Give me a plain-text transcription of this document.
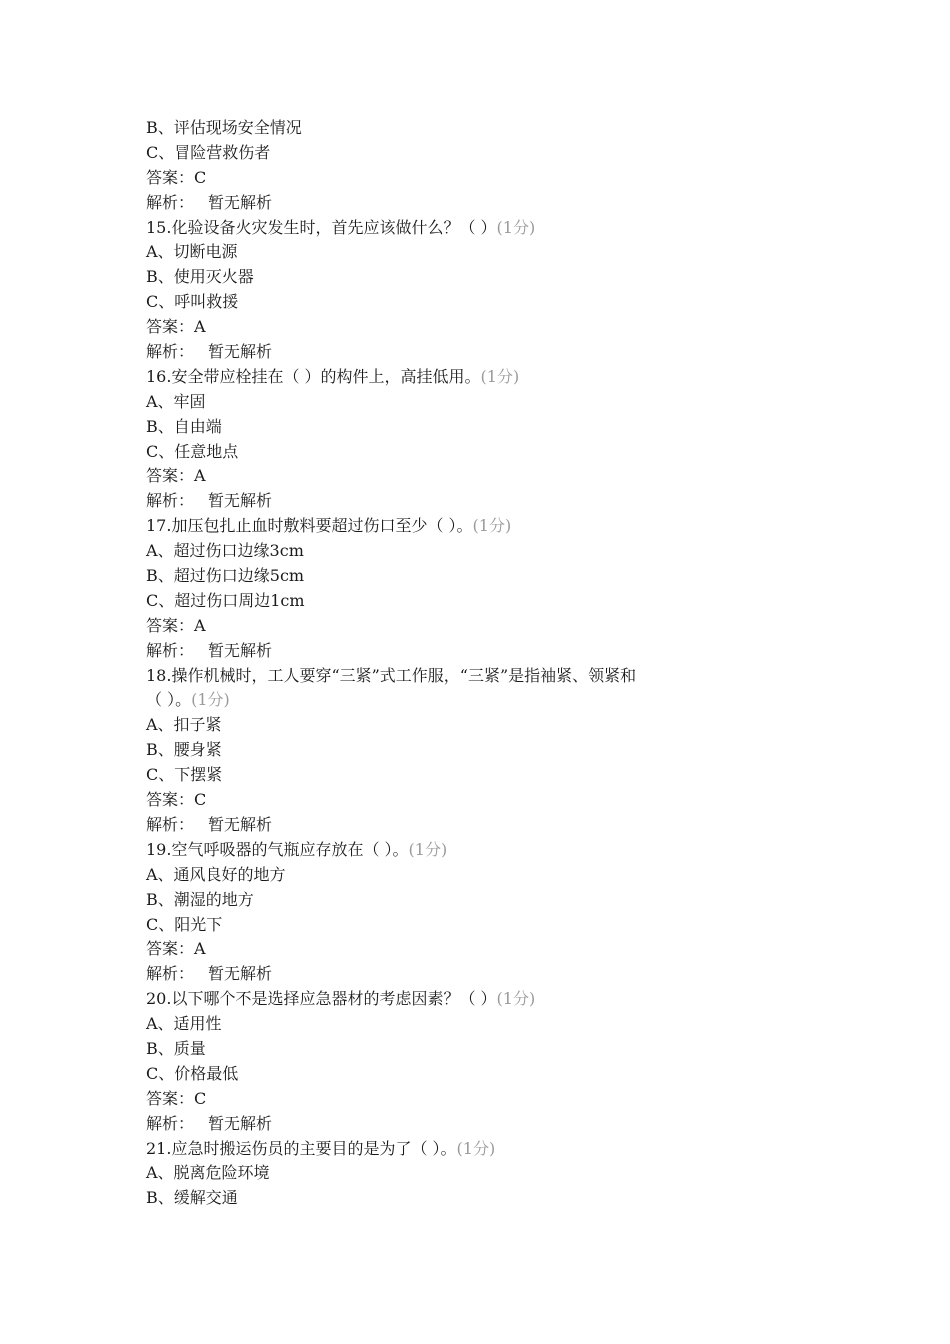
B、评估现场安全情况
C、冒险营救伤者
答案：C
解析： 暂无解析
15.化验设备火灾发生时，首先应该做什么？（ ）(1分)
A、切断电源
B、使用灭火器
C、呼叫救援
答案：A
解析： 暂无解析
16.安全带应栓挂在（ ）的构件上，高挂低用。(1分)
A、牢固
B、自由端
C、任意地点
答案：A
解析： 暂无解析
17.加压包扎止血时敷料要超过伤口至少（ ）。(1分)
A、超过伤口边缘3cm
B、超过伤口边缘5cm
C、超过伤口周边1cm
答案：A
解析： 暂无解析
18.操作机械时，工人要穿“三紧”式工作服，“三紧”是指袖紧、领紧和
（ ）。(1分)
A、扣子紧
B、腰身紧
C、下摆紧
答案：C
解析： 暂无解析
19.空气呼吸器的气瓶应存放在（ ）。(1分)
A、通风良好的地方
B、潮湿的地方
C、阳光下
答案：A
解析： 暂无解析
20.以下哪个不是选择应急器材的考虑因素？（ ）(1分)
A、适用性
B、质量
C、价格最低
答案：C
解析： 暂无解析
21.应急时搬运伤员的主要目的是为了（ ）。(1分)
A、脱离危险环境
B、缓解交通
